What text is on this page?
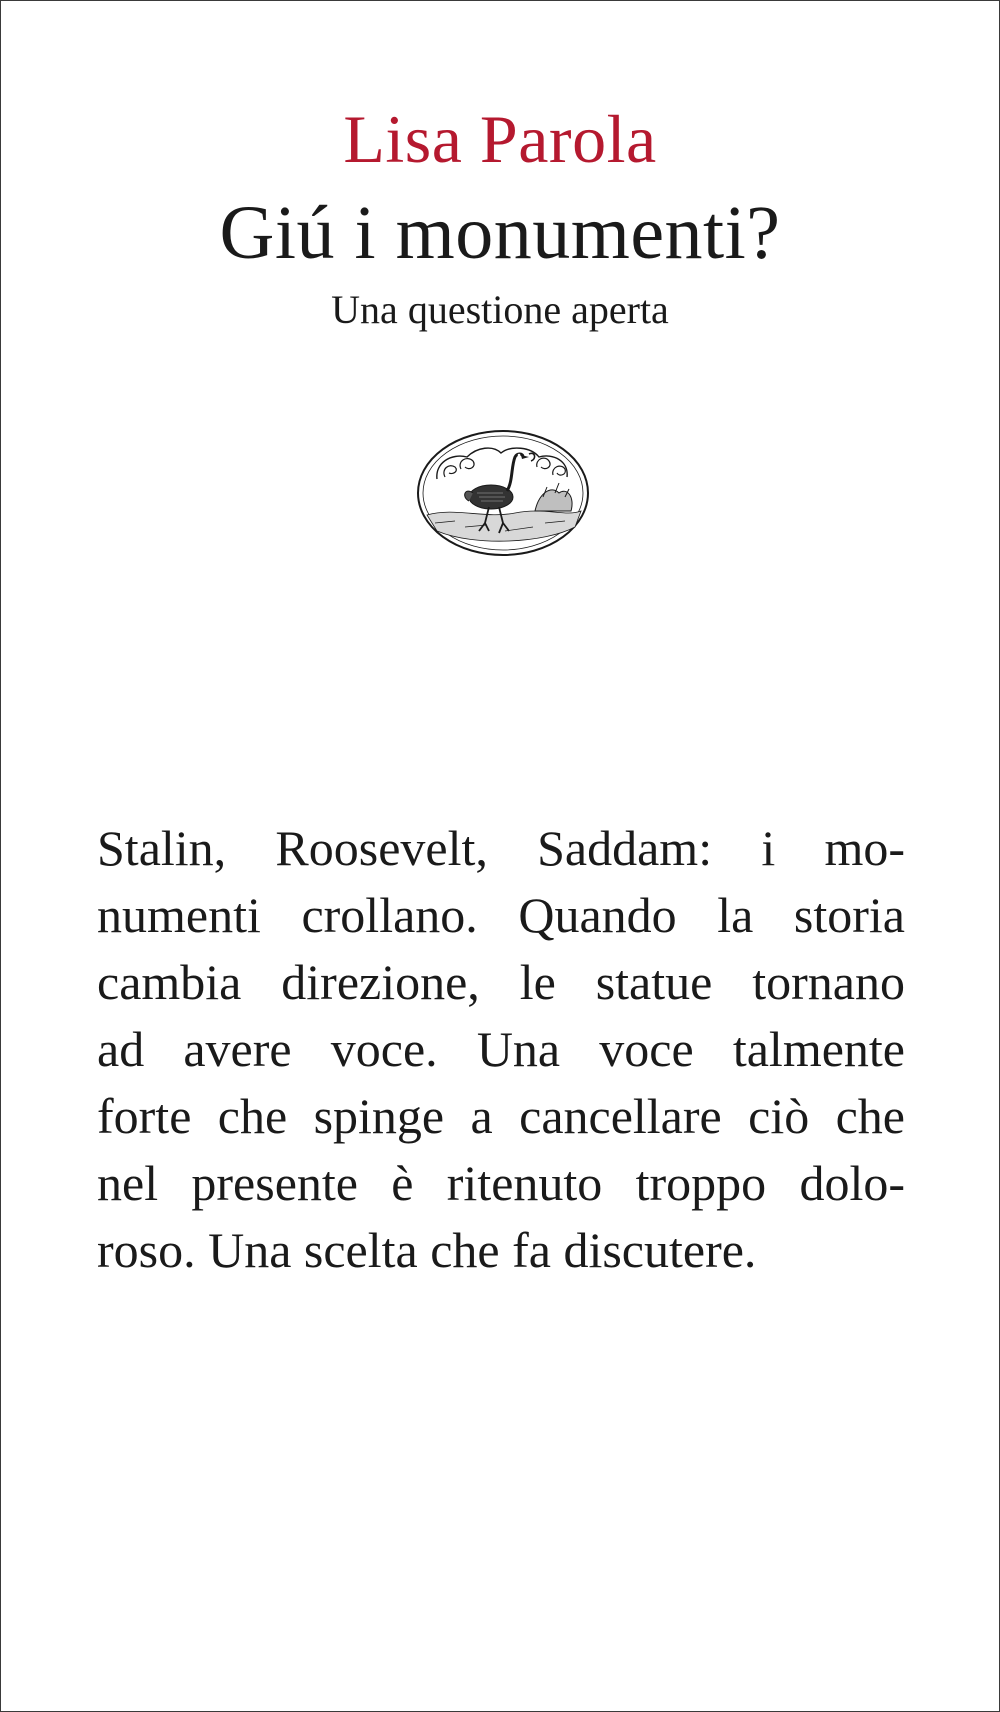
Lisa Parola
Giú i monumenti?
Una questione aperta

Stalin, Roosevelt, Saddam: i mo-
numenti crollano. Quando la storia
cambia direzione, le statue tornano
ad avere voce. Una voce talmente
forte che spinge a cancellare ciò che
nel presente è ritenuto troppo dolo-
roso. Una scelta che fa discutere.
